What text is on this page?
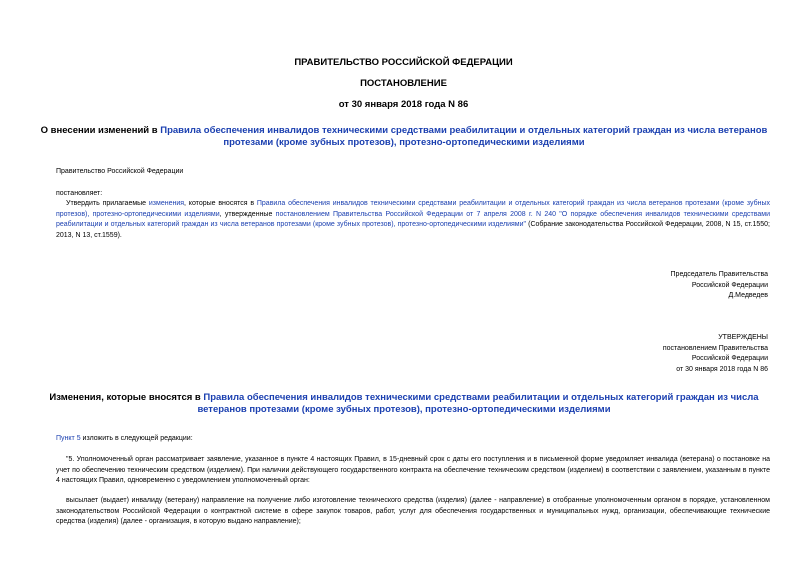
ПРАВИТЕЛЬСТВО РОССИЙСКОЙ ФЕДЕРАЦИИ
ПОСТАНОВЛЕНИЕ
от 30 января 2018 года N 86
О внесении изменений в Правила обеспечения инвалидов техническими средствами реабилитации и отдельных категорий граждан из числа ветеранов протезами (кроме зубных протезов), протезно-ортопедическими изделиями
Правительство Российской Федерации
постановляет:
Утвердить прилагаемые изменения, которые вносятся в Правила обеспечения инвалидов техническими средствами реабилитации и отдельных категорий граждан из числа ветеранов протезами (кроме зубных протезов), протезно-ортопедическими изделиями, утвержденные постановлением Правительства Российской Федерации от 7 апреля 2008 г. N 240 "О порядке обеспечения инвалидов техническими средствами реабилитации и отдельных категорий граждан из числа ветеранов протезами (кроме зубных протезов), протезно-ортопедическими изделиями" (Собрание законодательства Российской Федерации, 2008, N 15, ст.1550; 2013, N 13, ст.1559).
Председатель Правительства
Российской Федерации
Д.Медведев
УТВЕРЖДЕНЫ
постановлением Правительства
Российской Федерации
от 30 января 2018 года N 86
Изменения, которые вносятся в Правила обеспечения инвалидов техническими средствами реабилитации и отдельных категорий граждан из числа ветеранов протезами (кроме зубных протезов), протезно-ортопедическими изделиями
Пункт 5 изложить в следующей редакции:
"5. Уполномоченный орган рассматривает заявление, указанное в пункте 4 настоящих Правил, в 15-дневный срок с даты его поступления и в письменной форме уведомляет инвалида (ветерана) о постановке на учет по обеспечению техническим средством (изделием). При наличии действующего государственного контракта на обеспечение техническим средством (изделием) в соответствии с заявлением, указанным в пункте 4 настоящих Правил, одновременно с уведомлением уполномоченный орган:
высылает (выдает) инвалиду (ветерану) направление на получение либо изготовление технического средства (изделия) (далее - направление) в отобранные уполномоченным органом в порядке, установленном законодательством Российской Федерации о контрактной системе в сфере закупок товаров, работ, услуг для обеспечения государственных и муниципальных нужд, организации, обеспечивающие технические средства (изделия) (далее - организация, в которую выдано направление);
